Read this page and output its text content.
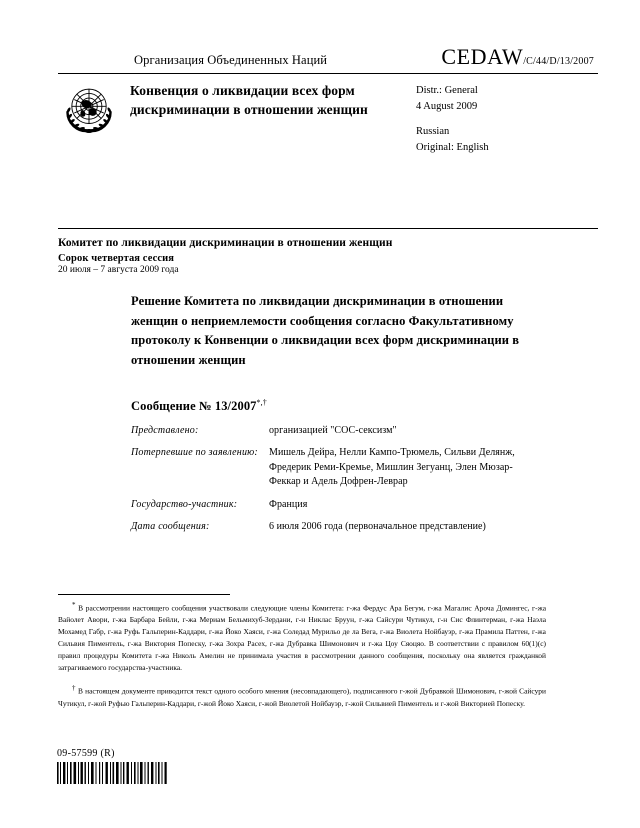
Организация Объединенных Наций	CEDAW/C/44/D/13/2007
Конвенция о ликвидации всех форм дискриминации в отношении женщин
Distr.: General
4 August 2009
Russian
Original: English
Комитет по ликвидации дискриминации в отношении женщин
Сорок четвертая сессия
20 июля – 7 августа 2009 года
Решение Комитета по ликвидации дискриминации в отношении женщин о неприемлемости сообщения согласно Факультативному протоколу к Конвенции о ликвидации всех форм дискриминации в отношении женщин
Сообщение № 13/2007*,†
Представлено:	организацией "СОС-сексизм"
Потерпевшие по заявлению:	Мишель Дейра, Нелли Кампо-Трюмель, Сильви Делянж, Фредерик Реми-Кремье, Мишлин Зегуанц, Элен Мюзар-Феккар и Адель Дофрен-Леврар
Государство-участник:	Франция
Дата сообщения:	6 июля 2006 года (первоначальное представление)
* В рассмотрении настоящего сообщения участвовали следующие члены Комитета: г-жа Фердус Ара Бегум, г-жа Магалис Ароча Домингес, г-жа Вайолет Авори, г-жа Барбара Бейли, г-жа Мериам Бельмихуб-Зердани, г-н Никлас Бруун, г-жа Сайсури Чутикул, г-н Сис Флинтерман, г-жа Наэла Мохамед Габр, г-жа Руфь Гальперин-Каддари, г-жа Йоко Хаяси, г-жа Соледад Мурильо де ла Вега, г-жа Виолета Нойбауэр, г-жа Прамила Паттен, г-жа Сильвия Пиментель, г-жа Виктория Попеску, г-жа Зохра Расех, г-жа Дубравка Шимонович и г-жа Цоу Сяоцяо. В соответствии с правилом 60(1)(с) правил процедуры Комитета г-жа Николь Амелин не принимала участия в рассмотрении данного сообщения, поскольку она является гражданкой затрагиваемого государства-участника.
† В настоящем документе приводится текст одного особого мнения (несовпадающего), подписанного г-жой Дубравкой Шимонович, г-жой Сайсури Чутикул, г-жой Руфью Гальперин-Каддари, г-жой Йоко Хаяси, г-жой Виолетой Нойбауэр, г-жой Сильвией Пиментель и г-жой Викторией Попеску.
09-57599 (R)
